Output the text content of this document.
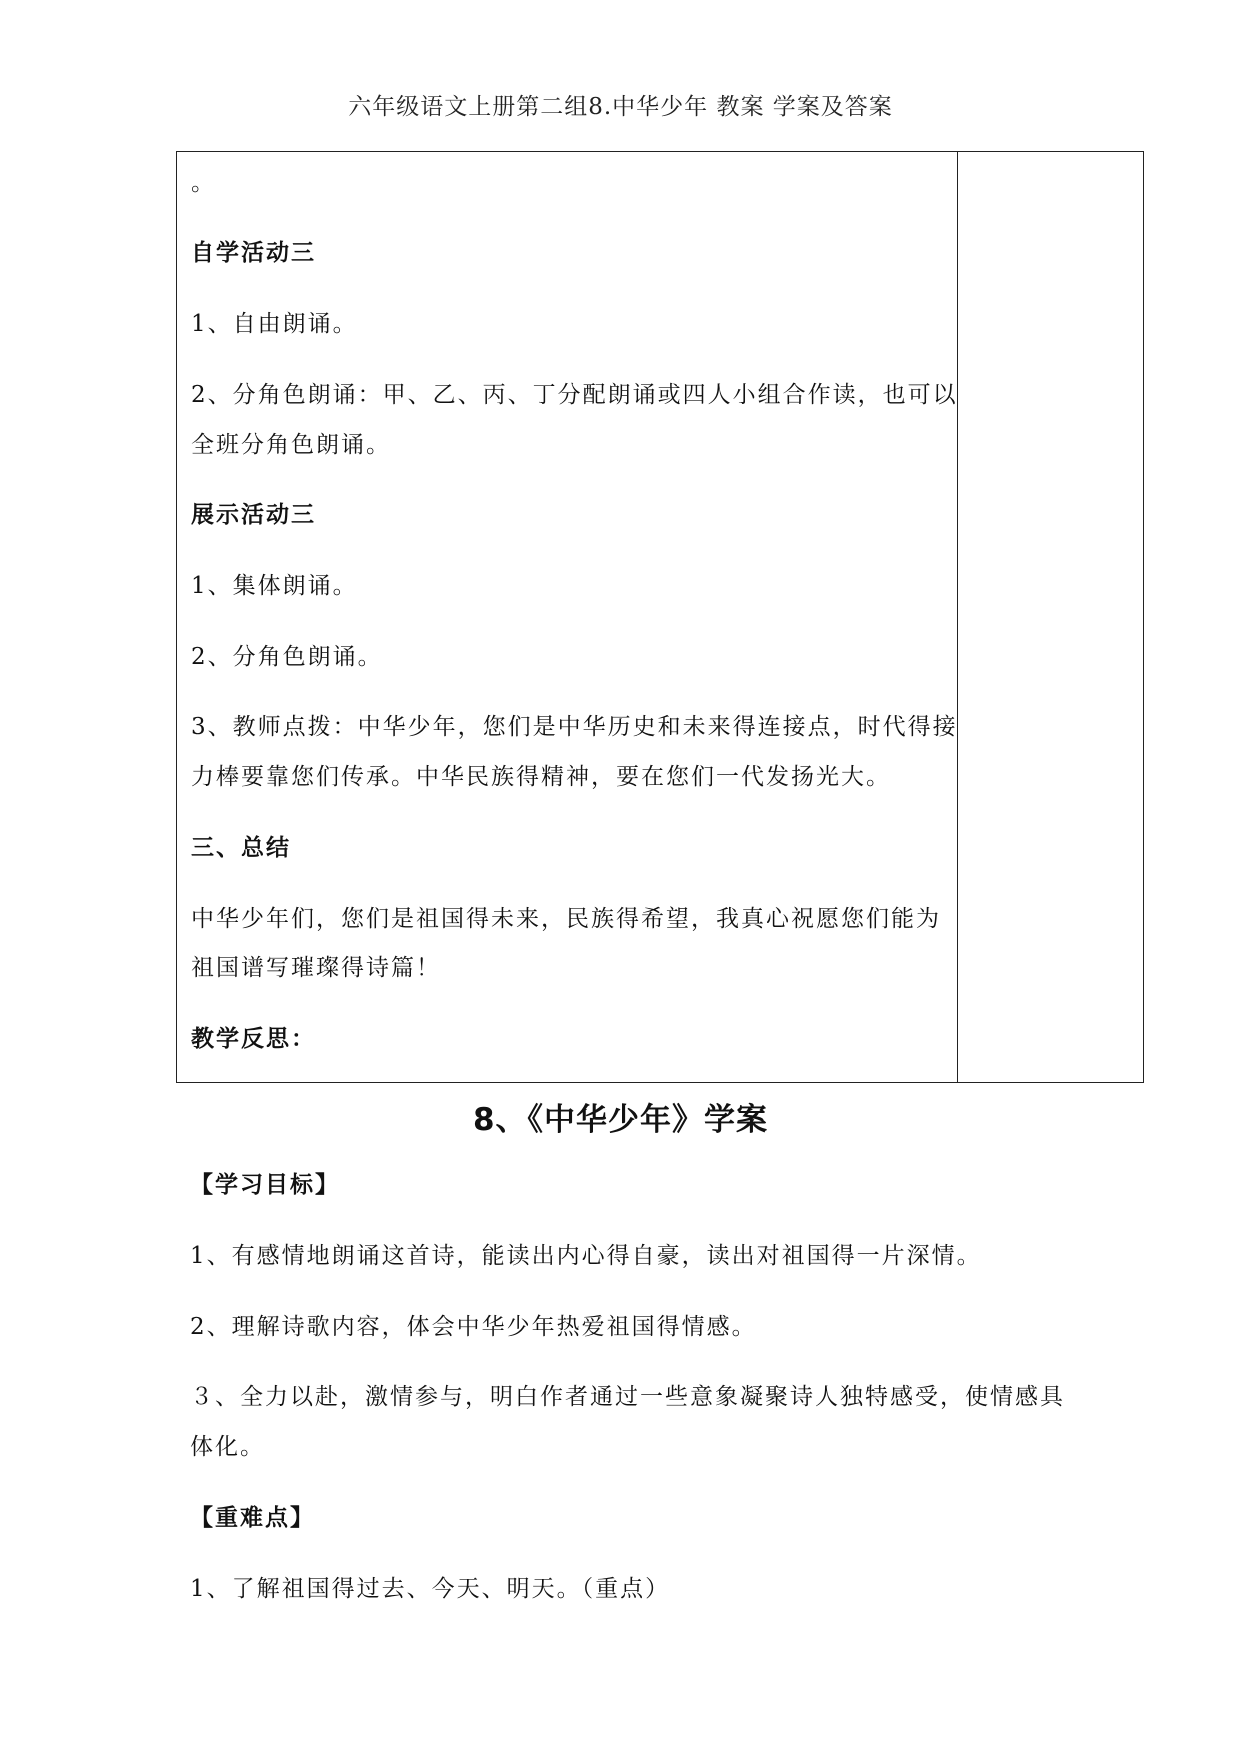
六年级语文上册第二组8.中华少年 教案 学案及答案
。
自学活动三
1、自由朗诵。
2、分角色朗诵：甲、乙、丙、丁分配朗诵或四人小组合作读，也可以
全班分角色朗诵。
展示活动三
1、集体朗诵。
2、分角色朗诵。
3、教师点拨：中华少年，您们是中华历史和未来得连接点，时代得接
力棒要靠您们传承。中华民族得精神，要在您们一代发扬光大。
三、总结
中华少年们，您们是祖国得未来，民族得希望，我真心祝愿您们能为
祖国谱写璀璨得诗篇！
教学反思：
8、《中华少年》学案
【学习目标】
1、有感情地朗诵这首诗，能读出内心得自豪，读出对祖国得一片深情。
2、理解诗歌内容，体会中华少年热爱祖国得情感。
３、全力以赴，激情参与，明白作者通过一些意象凝聚诗人独特感受，使情感具
体化。
【重难点】
1、了解祖国得过去、今天、明天。（重点）
